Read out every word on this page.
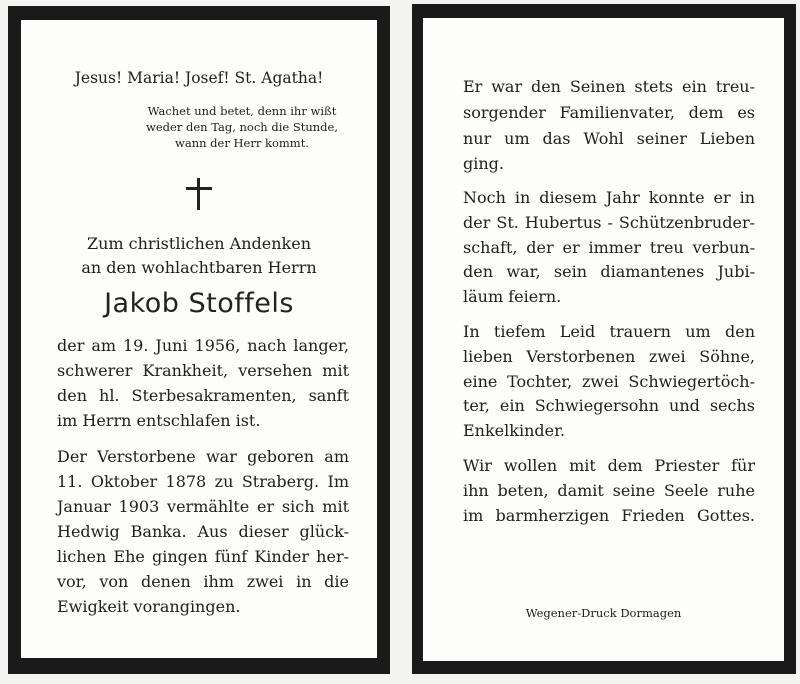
Jesus! Maria! Josef! St. Agatha!
Wachet und betet, denn ihr wißt
weder den Tag, noch die Stunde,
wann der Herr kommt.
Zum christlichen Andenken
an den wohlachtbaren Herrn
Jakob Stoffels
der am 19. Juni 1956, nach langer,
schwerer Krankheit, versehen mit
den hl. Sterbesakramenten, sanft
im Herrn entschlafen ist.
Der Verstorbene war geboren am
11. Oktober 1878 zu Straberg. Im
Januar 1903 vermählte er sich mit
Hedwig Banka. Aus dieser glück-
lichen Ehe gingen fünf Kinder her-
vor, von denen ihm zwei in die
Ewigkeit vorangingen.
Er war den Seinen stets ein treu-
sorgender Familienvater, dem es
nur um das Wohl seiner Lieben
ging.
Noch in diesem Jahr konnte er in
der St. Hubertus - Schützenbruder-
schaft, der er immer treu verbun-
den war, sein diamantenes Jubi-
läum feiern.
In tiefem Leid trauern um den
lieben Verstorbenen zwei Söhne,
eine Tochter, zwei Schwiegertöch-
ter, ein Schwiegersohn und sechs
Enkelkinder.
Wir wollen mit dem Priester für
ihn beten, damit seine Seele ruhe
im barmherzigen Frieden Gottes.
Wegener-Druck Dormagen
